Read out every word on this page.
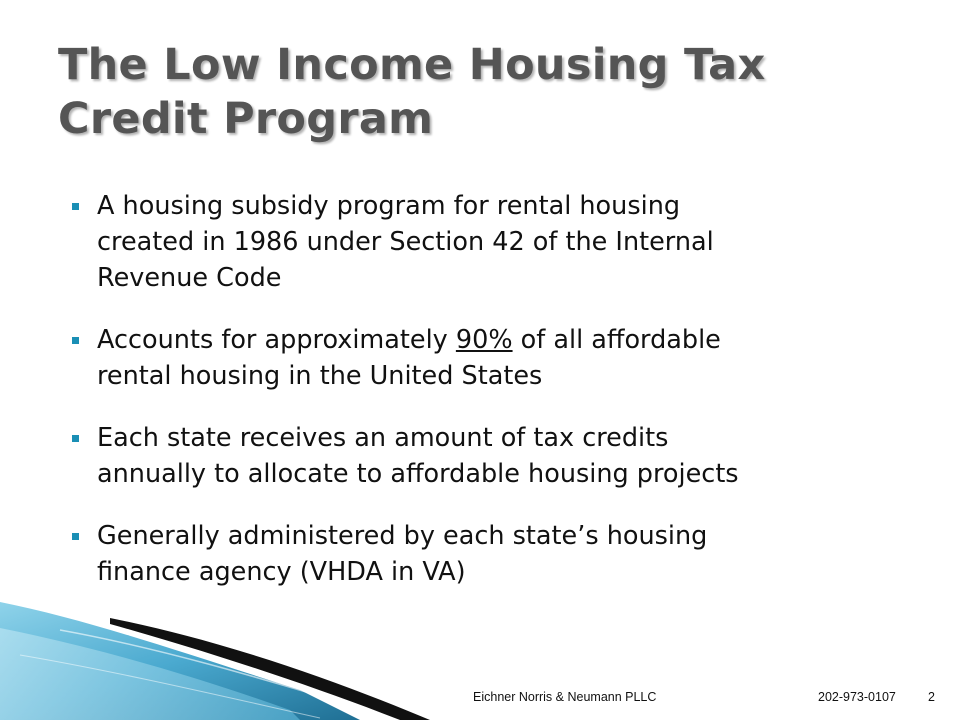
The Low Income Housing Tax
Credit Program
A housing subsidy program for rental housing
created in 1986 under Section 42 of the Internal
Revenue Code
Accounts for approximately 90% of all affordable
rental housing in the United States
Each state receives an amount of tax credits
annually to allocate to affordable housing projects
Generally administered by each state’s housing
finance agency (VHDA in VA)
Eichner Norris & Neumann PLLC	202-973-0107	2
